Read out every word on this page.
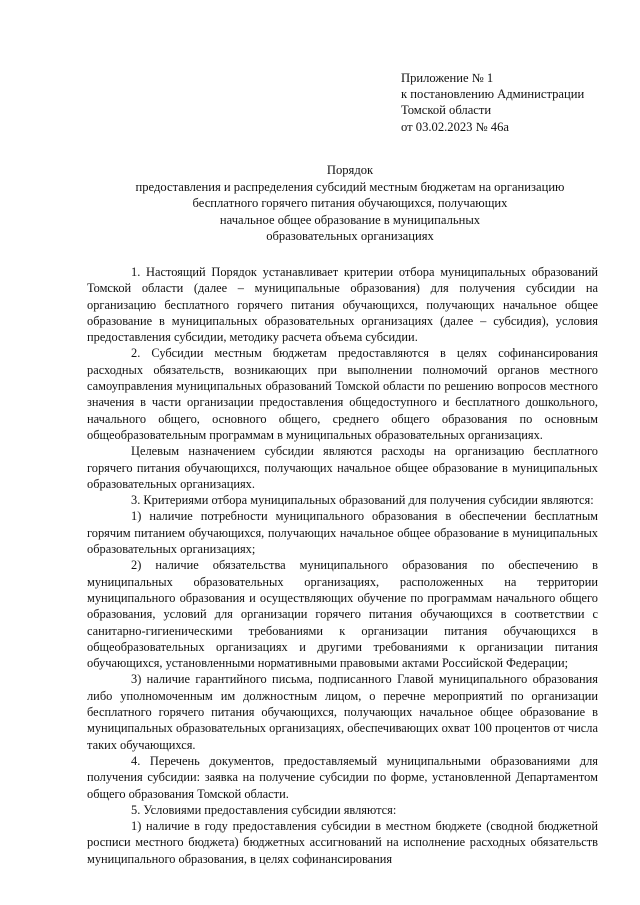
Приложение № 1
к постановлению Администрации
Томской области
от 03.02.2023 № 46а
Порядок
предоставления и распределения субсидий местным бюджетам на организацию
бесплатного горячего питания обучающихся, получающих
начальное общее образование в муниципальных
образовательных организациях

1. Настоящий Порядок устанавливает критерии отбора муниципальных образований Томской области (далее – муниципальные образования) для получения субсидии на организацию бесплатного горячего питания обучающихся, получающих начальное общее образование в муниципальных образовательных организациях (далее – субсидия), условия предоставления субсидии, методику расчета объема субсидии.

2. Субсидии местным бюджетам предоставляются в целях софинансирования расходных обязательств, возникающих при выполнении полномочий органов местного самоуправления муниципальных образований Томской области по решению вопросов местного значения в части организации предоставления общедоступного и бесплатного дошкольного, начального общего, основного общего, среднего общего образования по основным общеобразовательным программам в муниципальных образовательных организациях.

Целевым назначением субсидии являются расходы на организацию бесплатного горячего питания обучающихся, получающих начальное общее образование в муниципальных образовательных организациях.

3. Критериями отбора муниципальных образований для получения субсидии являются:

1) наличие потребности муниципального образования в обеспечении бесплатным горячим питанием обучающихся, получающих начальное общее образование в муниципальных образовательных организациях;

2) наличие обязательства муниципального образования по обеспечению в муниципальных образовательных организациях, расположенных на территории муниципального образования и осуществляющих обучение по программам начального общего образования, условий для организации горячего питания обучающихся в соответствии с санитарно-гигиеническими требованиями к организации питания обучающихся в общеобразовательных организациях и другими требованиями к организации питания обучающихся, установленными нормативными правовыми актами Российской Федерации;

3) наличие гарантийного письма, подписанного Главой муниципального образования либо уполномоченным им должностным лицом, о перечне мероприятий по организации бесплатного горячего питания обучающихся, получающих начальное общее образование в муниципальных образовательных организациях, обеспечивающих охват 100 процентов от числа таких обучающихся.

4. Перечень документов, предоставляемый муниципальными образованиями для получения субсидии: заявка на получение субсидии по форме, установленной Департаментом общего образования Томской области.

5. Условиями предоставления субсидии являются:

1) наличие в году предоставления субсидии в местном бюджете (сводной бюджетной росписи местного бюджета) бюджетных ассигнований на исполнение расходных обязательств муниципального образования, в целях софинансирования
